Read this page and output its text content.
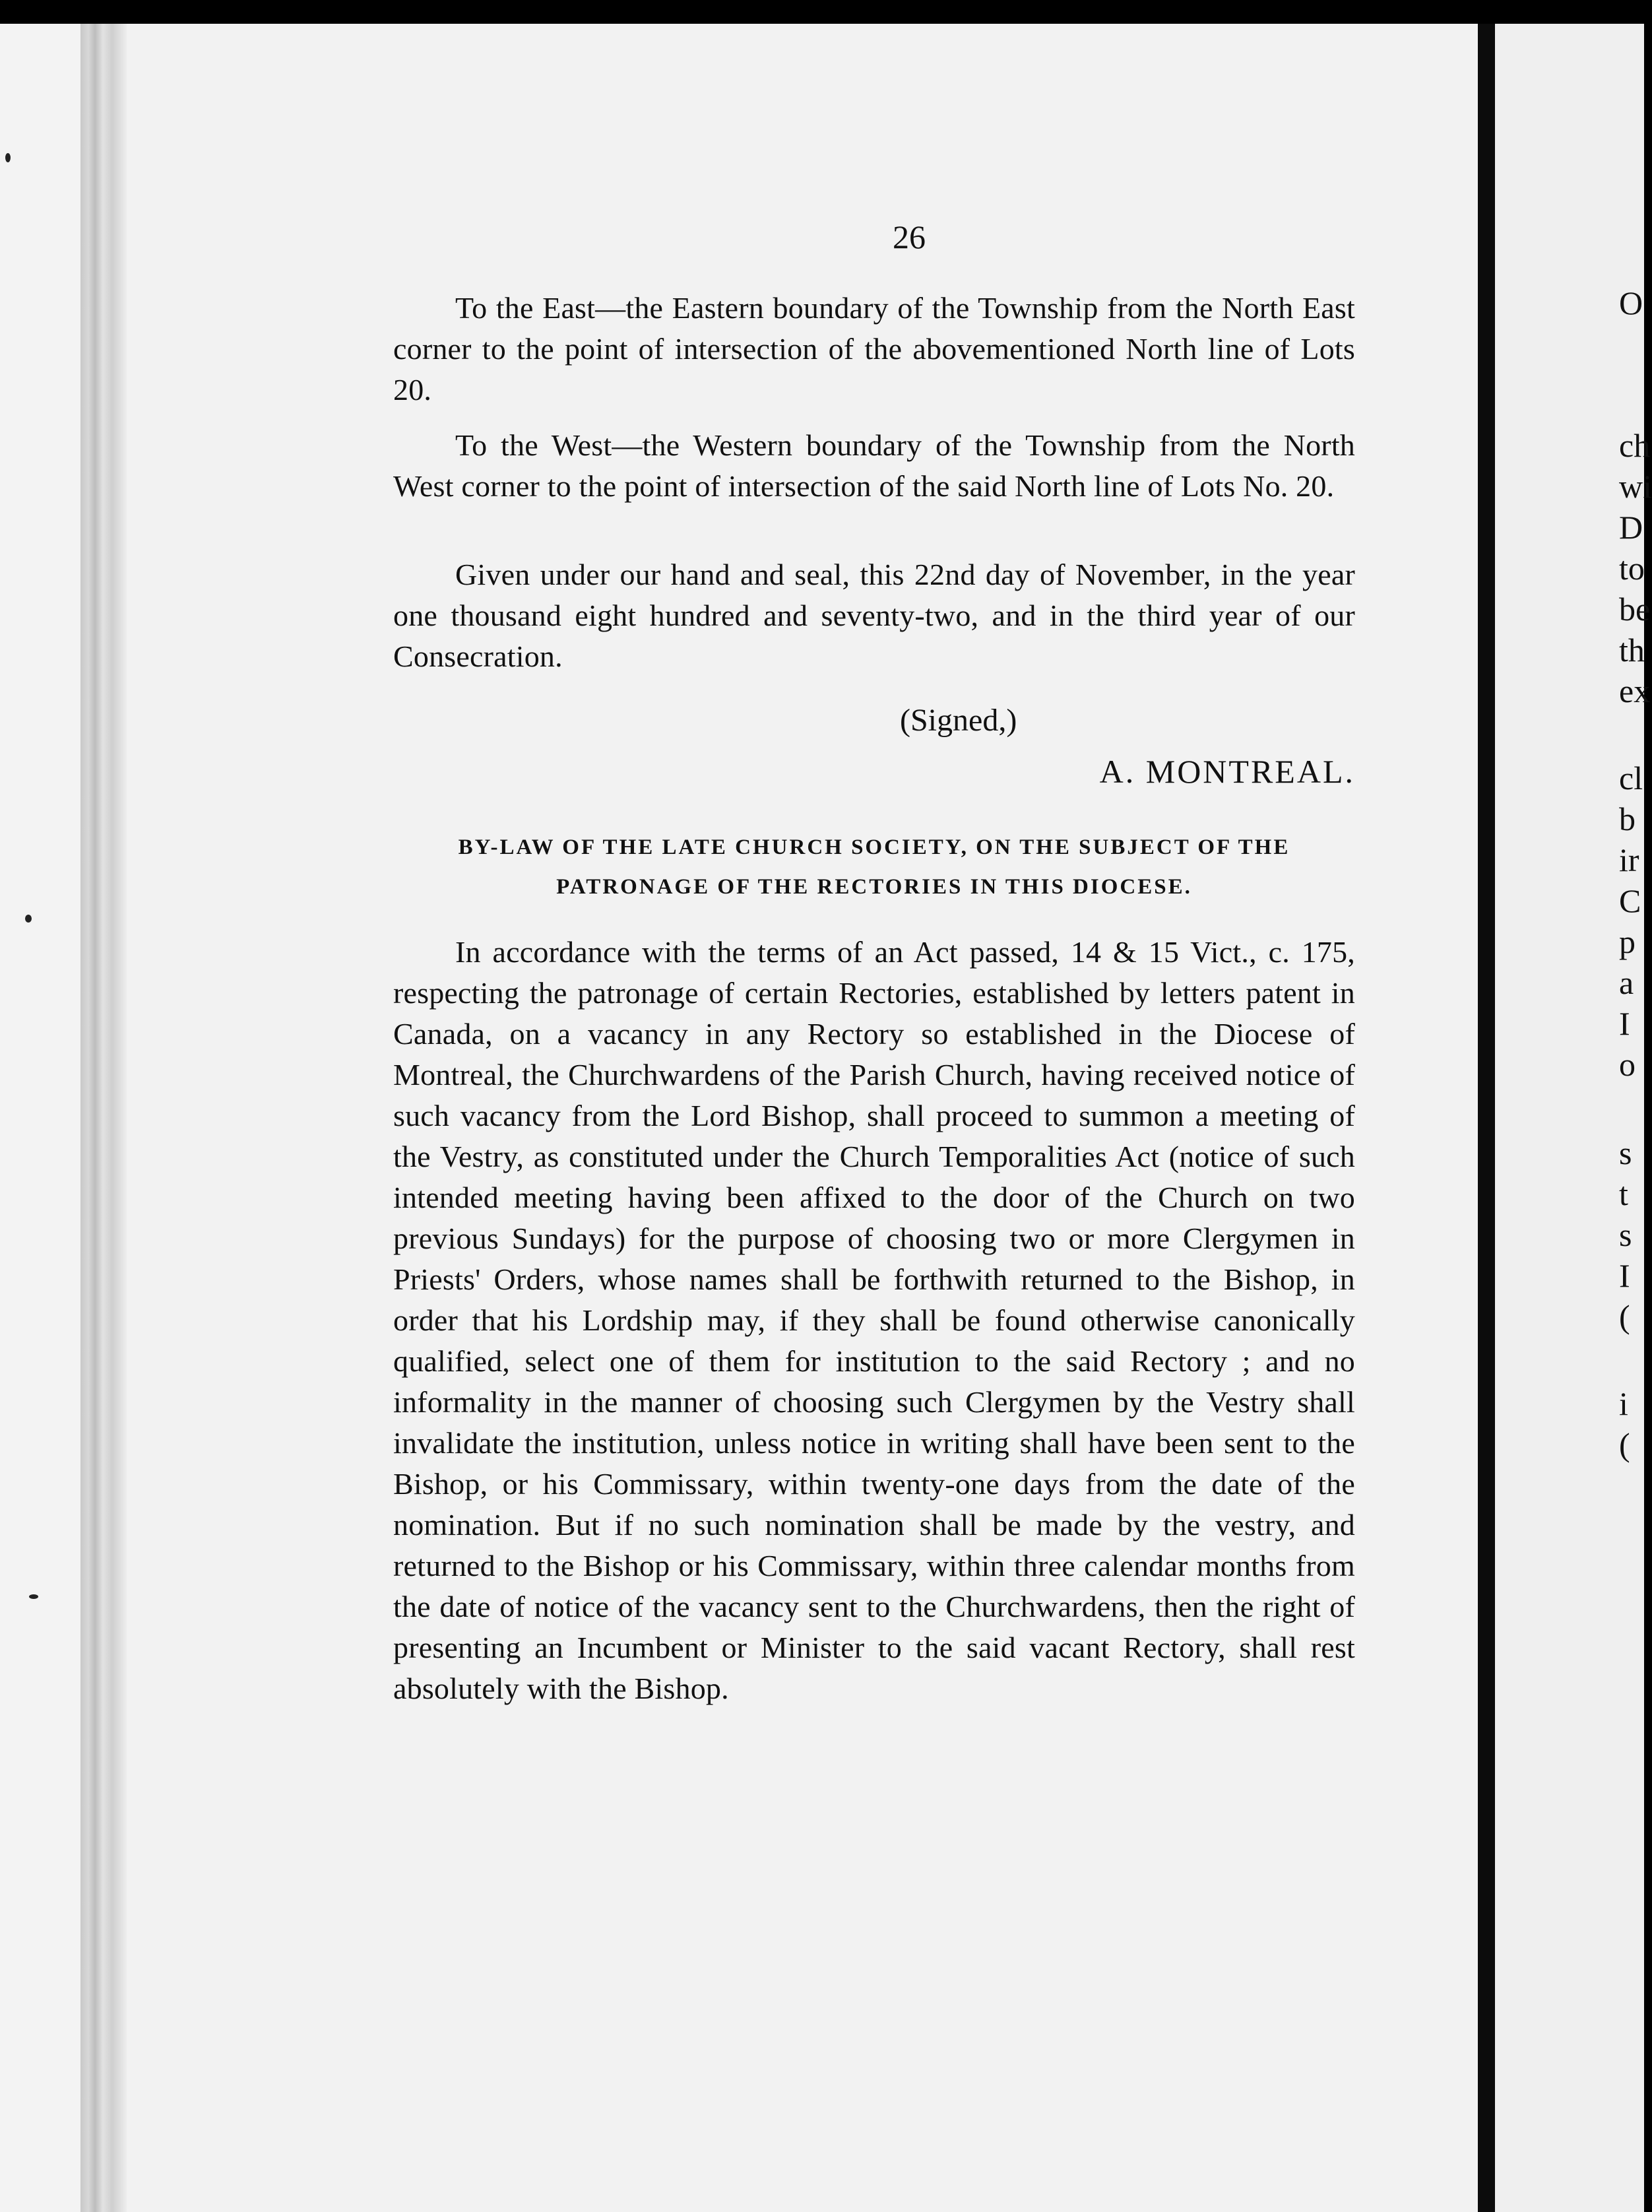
26

To the East—the Eastern boundary of the Township from the North East corner to the point of intersection of the abovementioned North line of Lots 20.

To the West—the Western boundary of the Township from the North West corner to the point of intersection of the said North line of Lots No. 20.

Given under our hand and seal, this 22nd day of November, in the year one thousand eight hundred and seventy-two, and in the third year of our Consecration.

(Signed,)
A. MONTREAL.
BY-LAW OF THE LATE CHURCH SOCIETY, ON THE SUBJECT OF THE PATRONAGE OF THE RECTORIES IN THIS DIOCESE.

In accordance with the terms of an Act passed, 14 & 15 Vict., c. 175, respecting the patronage of certain Rectories, established by letters patent in Canada, on a vacancy in any Rectory so established in the Diocese of Montreal, the Churchwardens of the Parish Church, having received notice of such vacancy from the Lord Bishop, shall proceed to summon a meeting of the Vestry, as constituted under the Church Temporalities Act (notice of such intended meeting having been affixed to the door of the Church on two previous Sundays) for the purpose of choosing two or more Clergymen in Priests' Orders, whose names shall be forthwith returned to the Bishop, in order that his Lordship may, if they shall be found otherwise canonically qualified, select one of them for institution to the said Rectory ; and no informality in the manner of choosing such Clergymen by the Vestry shall invalidate the institution, unless notice in writing shall have been sent to the Bishop, or his Commissary, within twenty-one days from the date of the nomination. But if no such nomination shall be made by the vestry, and returned to the Bishop or his Commissary, within three calendar months from the date of notice of the vacancy sent to the Churchwardens, then the right of presenting an Incumbent or Minister to the said vacant Rectory, shall rest absolutely with the Bishop.

O
ch
wi
D
to
be
th
ex
cl
b
ir
C
p
a
I
o
s
t
s
I
(
i
(
